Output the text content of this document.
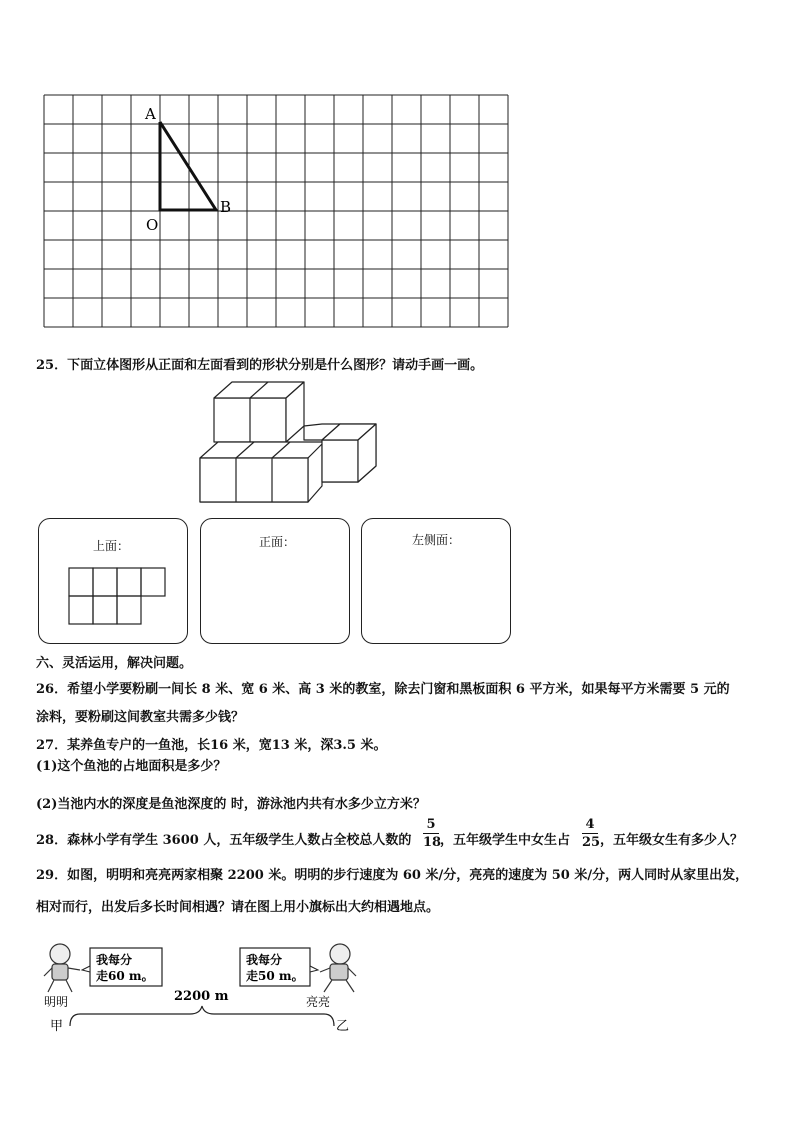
A
B
O
25．下面立体图形从正面和左面看到的形状分别是什么图形？请动手画一画。
上面：	正面：	左侧面：
六、灵活运用，解决问题。
26．希望小学要粉刷一间长 8 米、宽 6 米、高 3 米的教室，除去门窗和黑板面积 6 平方米，如果每平方米需要 5 元的
涂料，要粉刷这间教室共需多少钱？
27．某养鱼专户的一鱼池，长16 米，宽13 米，深3.5 米。
(1)这个鱼池的占地面积是多少？
(2)当池内水的深度是鱼池深度的 时，游泳池内共有水多少立方米？
28．森林小学有学生 3600 人，五年级学生人数占全校总人数的
5
18
，五年级学生中女生占
4
25 ，五年级女生有多少人？
29．如图，明明和亮亮两家相聚 2200 米。明明的步行速度为 60 米/分，亮亮的速度为 50 米/分，两人同时从家里出发，
相对而行，出发后多长时间相遇？请在图上用小旗标出大约相遇地点。
我每分
走60 m。
我每分
走50 m。
2200 m
明明	亮亮
甲	乙
